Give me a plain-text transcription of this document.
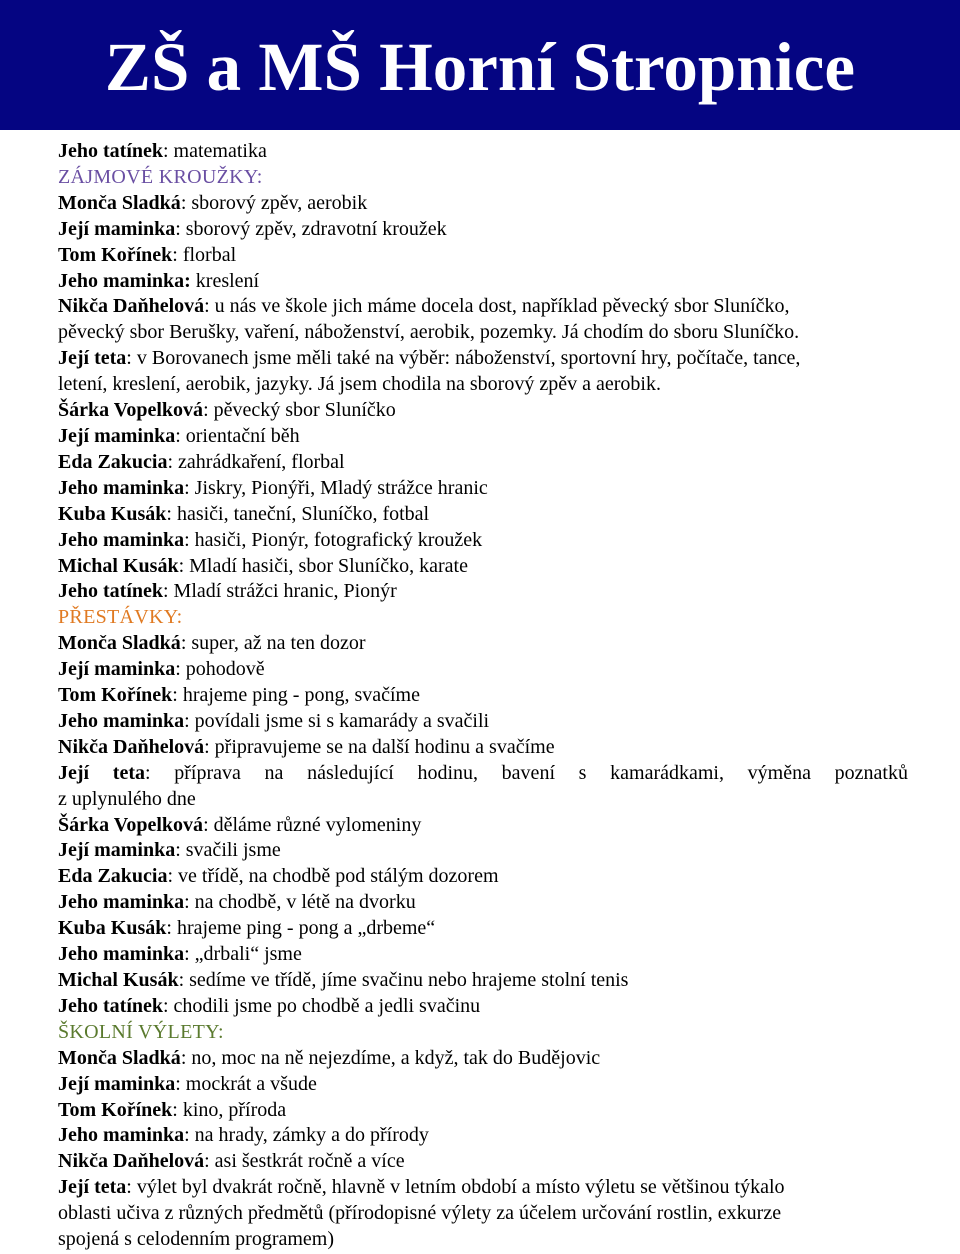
ZŠ a MŠ Horní Stropnice
Jeho tatínek: matematika
ZÁJMOVÉ KROUŽKY:
Monča Sladká: sborový zpěv, aerobik
Její maminka: sborový zpěv, zdravotní kroužek
Tom Kořínek: florbal
Jeho maminka: kreslení
Nikča Daňhelová: u nás ve škole jich máme docela dost, například pěvecký sbor Sluníčko,
pěvecký sbor Berušky, vaření, náboženství, aerobik, pozemky. Já chodím do sboru Sluníčko.
Její teta: v Borovanech jsme měli také na výběr: náboženství, sportovní hry, počítače, tance,
letení, kreslení, aerobik, jazyky. Já jsem chodila na sborový zpěv a aerobik.
Šárka Vopelková: pěvecký sbor Sluníčko
Její maminka: orientační běh
Eda Zakucia: zahrádkaření, florbal
Jeho maminka: Jiskry, Pionýři, Mladý strážce hranic
Kuba Kusák: hasiči, taneční, Sluníčko, fotbal
Jeho maminka: hasiči, Pionýr, fotografický kroužek
Michal Kusák: Mladí hasiči, sbor Sluníčko, karate
Jeho tatínek: Mladí strážci hranic, Pionýr
PŘESTÁVKY:
Monča Sladká: super, až na ten dozor
Její maminka: pohodově
Tom Kořínek: hrajeme ping - pong, svačíme
Jeho maminka: povídali jsme si s kamarády a svačili
Nikča Daňhelová: připravujeme se na další hodinu a svačíme
Její teta: příprava na následující hodinu, bavení s kamarádkami, výměna poznatků
z uplynulého dne
Šárka Vopelková: děláme různé vylomeniny
Její maminka: svačili jsme
Eda Zakucia: ve třídě, na chodbě pod stálým dozorem
Jeho maminka: na chodbě, v létě na dvorku
Kuba Kusák: hrajeme ping - pong a „drbeme“
Jeho maminka: „drbali“ jsme
Michal Kusák: sedíme ve třídě, jíme svačinu nebo hrajeme stolní tenis
Jeho tatínek: chodili jsme po chodbě a jedli svačinu
ŠKOLNÍ VÝLETY:
Monča Sladká: no, moc na ně nejezdíme, a když, tak do Budějovic
Její maminka: mockrát a všude
Tom Kořínek: kino, příroda
Jeho maminka: na hrady, zámky a do přírody
Nikča Daňhelová: asi šestkrát ročně a více
Její teta: výlet byl dvakrát ročně, hlavně v letním období a místo výletu se většinou týkalo
oblasti učiva z různých předmětů (přírodopisné výlety za účelem určování rostlin, exkurze
spojená s celodenním programem)
